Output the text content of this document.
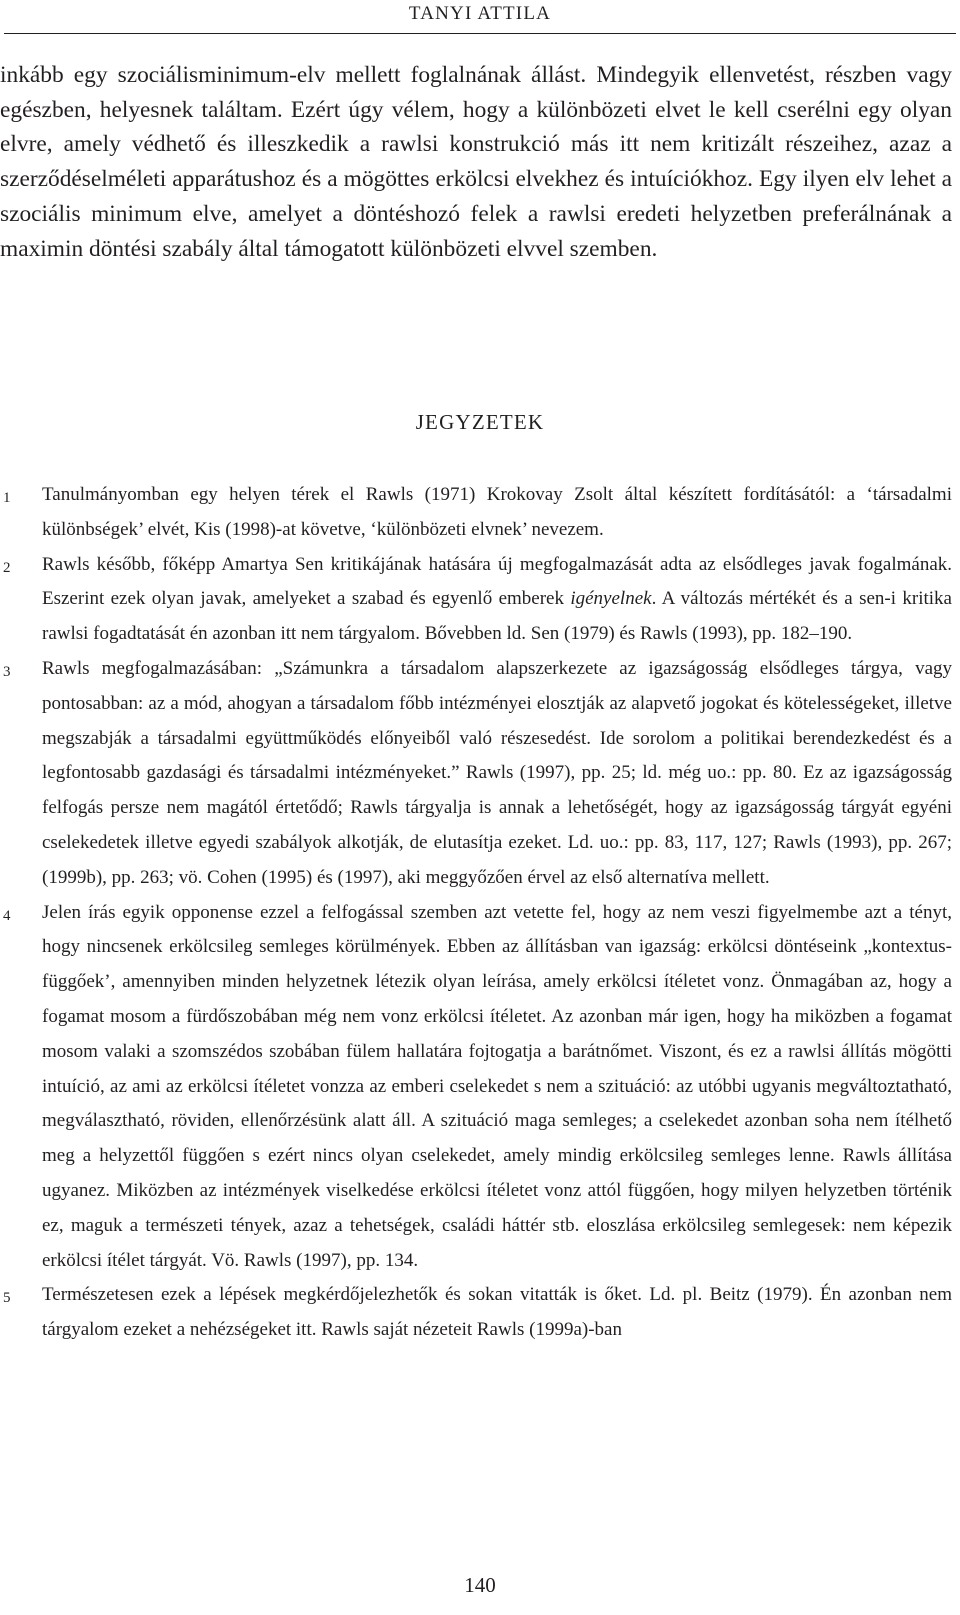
TANYI ATTILA

inkább egy szociálisminimum-elv mellett foglalnának állást. Mindegyik ellenvetést, részben vagy egészben, helyesnek találtam. Ezért úgy vélem, hogy a különbözeti elvet le kell cserélni egy olyan elvre, amely védhető és illeszkedik a rawlsi konstrukció más itt nem kritizált részeihez, azaz a szerződéselméleti apparátushoz és a mögöttes erkölcsi elvekhez és intuíciókhoz. Egy ilyen elv lehet a szociális minimum elve, amelyet a döntéshozó felek a rawlsi eredeti helyzetben preferálnának a maximin döntési szabály által támogatott különbözeti elvvel szemben.

JEGYZETEK

1 Tanulmányomban egy helyen térek el Rawls (1971) Krokovay Zsolt által készített fordításától: a ‘társadalmi különbségek’ elvét, Kis (1998)-at követve, ‘különbözeti elvnek’ nevezem.

2 Rawls később, főképp Amartya Sen kritikájának hatására új megfogalmazását adta az elsődleges javak fogalmának. Eszerint ezek olyan javak, amelyeket a szabad és egyenlő emberek igényelnek. A változás mértékét és a sen-i kritika rawlsi fogadtatását én azonban itt nem tárgyalom. Bővebben ld. Sen (1979) és Rawls (1993), pp. 182–190.

3 Rawls megfogalmazásában: „Számunkra a társadalom alapszerkezete az igazságosság elsődleges tárgya, vagy pontosabban: az a mód, ahogyan a társadalom főbb intézményei elosztják az alapvető jogokat és kötelességeket, illetve megszabják a társadalmi együttműködés előnyeiből való részesedést. Ide sorolom a politikai berendezkedést és a legfontosabb gazdasági és társadalmi intézményeket.” Rawls (1997), pp. 25; ld. még uo.: pp. 80. Ez az igazságosság felfogás persze nem magától értetődő; Rawls tárgyalja is annak a lehetőségét, hogy az igazságosság tárgyát egyéni cselekedetek illetve egyedi szabályok alkotják, de elutasítja ezeket. Ld. uo.: pp. 83, 117, 127; Rawls (1993), pp. 267; (1999b), pp. 263; vö. Cohen (1995) és (1997), aki meggyőzően érvel az első alternatíva mellett.

4 Jelen írás egyik opponense ezzel a felfogással szemben azt vetette fel, hogy az nem veszi figyelmembe azt a tényt, hogy nincsenek erkölcsileg semleges körülmények. Ebben az állításban van igazság: erkölcsi döntéseink „kontextus-függőek’, amennyiben minden helyzetnek létezik olyan leírása, amely erkölcsi ítéletet vonz. Önmagában az, hogy a fogamat mosom a fürdőszobában még nem vonz erkölcsi ítéletet. Az azonban már igen, hogy ha miközben a fogamat mosom valaki a szomszédos szobában fülem hallatára fojtogatja a barátnőmet. Viszont, és ez a rawlsi állítás mögötti intuíció, az ami az erkölcsi ítéletet vonzza az emberi cselekedet s nem a szituáció: az utóbbi ugyanis megváltoztatható, megválasztható, röviden, ellenőrzésünk alatt áll. A szituáció maga semleges; a cselekedet azonban soha nem ítélhető meg a helyzettől függően s ezért nincs olyan cselekedet, amely mindig erkölcsileg semleges lenne. Rawls állítása ugyanez. Miközben az intézmények viselkedése erkölcsi ítéletet vonz attól függően, hogy milyen helyzetben történik ez, maguk a természeti tények, azaz a tehetségek, családi háttér stb. eloszlása erkölcsileg semlegesek: nem képezik erkölcsi ítélet tárgyát. Vö. Rawls (1997), pp. 134.

5 Természetesen ezek a lépések megkérdőjelezhetők és sokan vitatták is őket. Ld. pl. Beitz (1979). Én azonban nem tárgyalom ezeket a nehézségeket itt. Rawls saját nézeteit Rawls (1999a)-ban

140
